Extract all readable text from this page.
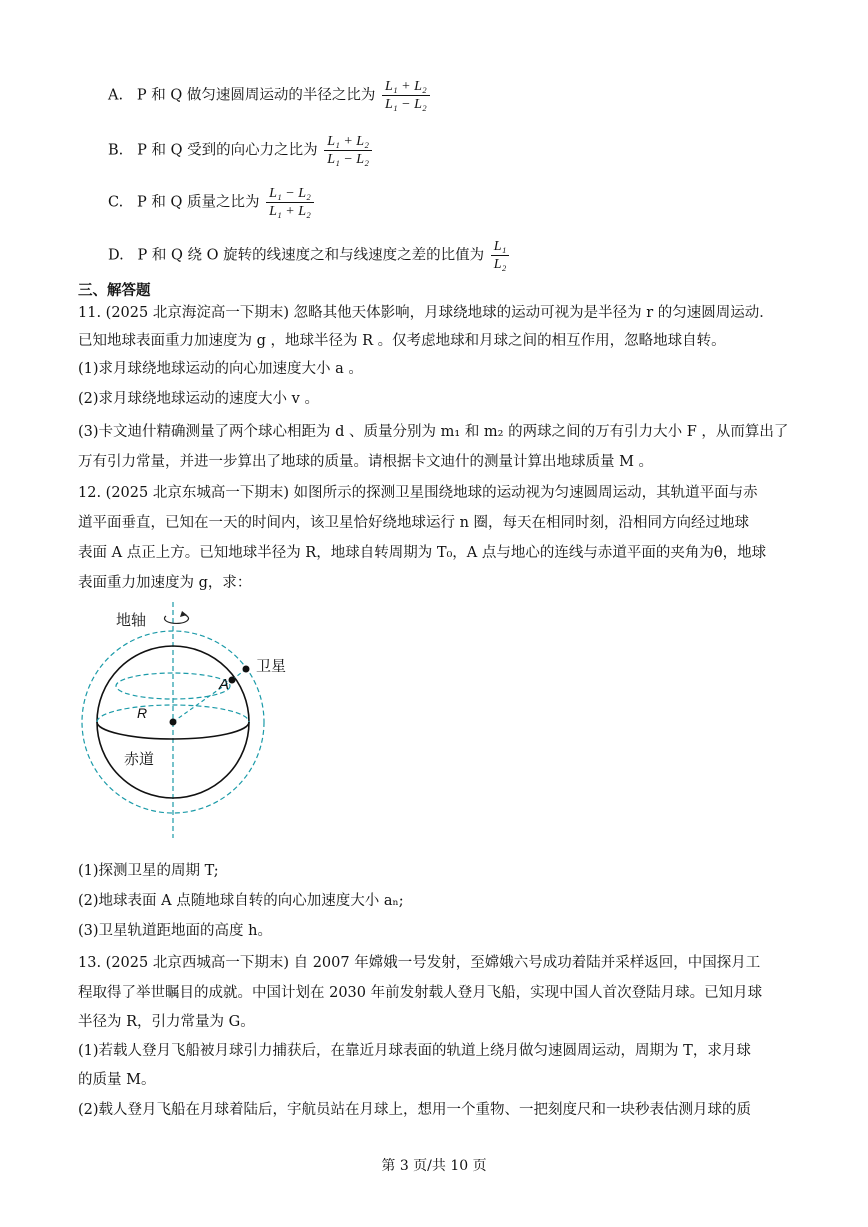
A. P 和 Q 做匀速圆周运动的半径之比为 $\frac{\text{L₁ + L₂}}{\text{L₁ − L₂}}$
B. P 和 Q 受到的向心力之比为 $\frac{\text{L₁ + L₂}}{\text{L₁ − L₂}}$
C. P 和 Q 质量之比为 $\frac{\text{L₁ − L₂}}{\text{L₁ + L₂}}$
D. P 和 Q 绕 O 旋转的线速度之和与线速度之差的比值为 $\frac{\text{L₁}}{\text{L₂}}$
三、解答题
11. (2025 北京海淀高一下期末) 忽略其他天体影响，月球绕地球的运动可视为是半径为 r 的匀速圆周运动．
已知地球表面重力加速度为 g ，地球半径为 R 。仅考虑地球和月球之间的相互作用，忽略地球自转。
(1)求月球绕地球运动的向心加速度大小 a 。
(2)求月球绕地球运动的速度大小 v 。
(3)卡文迪什精确测量了两个球心相距为 d 、质量分别为 m₁ 和 m₂ 的两球之间的万有引力大小 F ，从而算出了
万有引力常量，并进一步算出了地球的质量。请根据卡文迪什的测量计算出地球质量 M 。
12. (2025 北京东城高一下期末) 如图所示的探测卫星围绕地球的运动视为匀速圆周运动，其轨道平面与赤
道平面垂直，已知在一天的时间内，该卫星恰好绕地球运行 n 圈，每天在相同时刻，沿相同方向经过地球
表面 A 点正上方。已知地球半径为 R，地球自转周期为 T₀，A 点与地心的连线与赤道平面的夹角为θ，地球
表面重力加速度为 g，求：
地轴
卫星
A
R
赤道
(1)探测卫星的周期 T;
(2)地球表面 A 点随地球自转的向心加速度大小 aₙ;
(3)卫星轨道距地面的高度 h。
13. (2025 北京西城高一下期末) 自 2007 年嫦娥一号发射，至嫦娥六号成功着陆并采样返回，中国探月工
程取得了举世瞩目的成就。中国计划在 2030 年前发射载人登月飞船，实现中国人首次登陆月球。已知月球
半径为 R，引力常量为 G。
(1)若载人登月飞船被月球引力捕获后，在靠近月球表面的轨道上绕月做匀速圆周运动，周期为 T，求月球
的质量 M。
(2)载人登月飞船在月球着陆后，宇航员站在月球上，想用一个重物、一把刻度尺和一块秒表估测月球的质
第 3 页/共 10 页
